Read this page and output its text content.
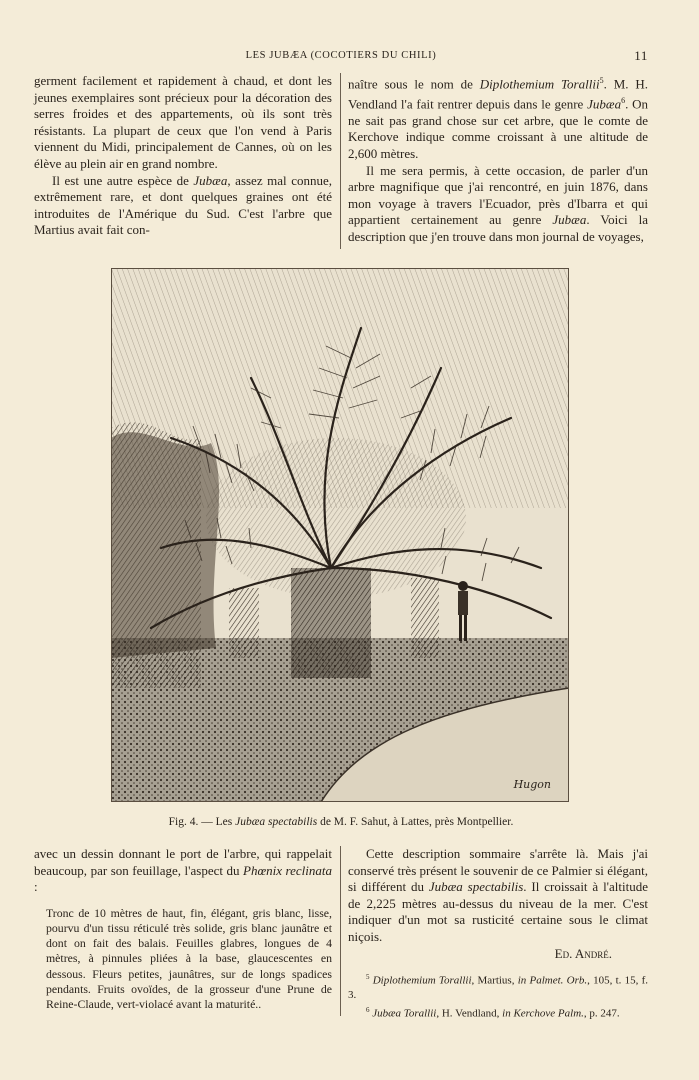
LES JUBÆA (COCOTIERS DU CHILI)	11

germent facilement et rapidement à chaud, et dont les jeunes exemplaires sont précieux pour la décoration des serres froides et des appartements, où ils sont très résistants. La plupart de ceux que l'on vend à Paris viennent du Midi, principalement de Cannes, où on les élève au plein air en grand nombre.

Il est une autre espèce de Jubæa, assez mal connue, extrêmement rare, et dont quelques graines ont été introduites de l'Amérique du Sud. C'est l'arbre que Martius avait fait con-

naître sous le nom de Diplothemium Torallii$^5$. M. H. Vendland l'a fait rentrer depuis dans le genre Jubæa$^6$. On ne sait pas grand chose sur cet arbre, que le comte de Kerchove indique comme croissant à une altitude de 2,600 mètres.

Il me sera permis, à cette occasion, de parler d'un arbre magnifique que j'ai rencontré, en juin 1876, dans mon voyage à travers l'Ecuador, près d'Ibarra et qui appartient certainement au genre Jubæa. Voici la description que j'en trouve dans mon journal de voyages,

Hugon
Fig. 4. — Les Jubæa spectabilis de M. F. Sahut, à Lattes, près Montpellier.

avec un dessin donnant le port de l'arbre, qui rappelait beaucoup, par son feuillage, l'aspect du Phœnix reclinata :

Tronc de 10 mètres de haut, fin, élégant, gris blanc, lisse, pourvu d'un tissu réticulé très solide, gris blanc jaunâtre et dont on fait des balais. Feuilles glabres, longues de 4 mètres, à pinnules pliées à la base, glaucescentes en dessous. Fleurs petites, jaunâtres, sur de longs spadices pendants. Fruits ovoïdes, de la grosseur d'une Prune de Reine-Claude, vert-violacé avant la maturité..

Cette description sommaire s'arrête là. Mais j'ai conservé très présent le souvenir de ce Palmier si élégant, si différent du Jubæa spectabilis. Il croissait à l'altitude de 2,225 mètres au-dessus du niveau de la mer. C'est indiquer d'un mot sa rusticité certaine sous le climat niçois.

Ed. André.

$^5$ Diplothemium Torallii, Martius, in Palmet. Orb., 105, t. 15, f. 3.

$^6$ Jubæa Torallii, H. Vendland, in Kerchove Palm., p. 247.
